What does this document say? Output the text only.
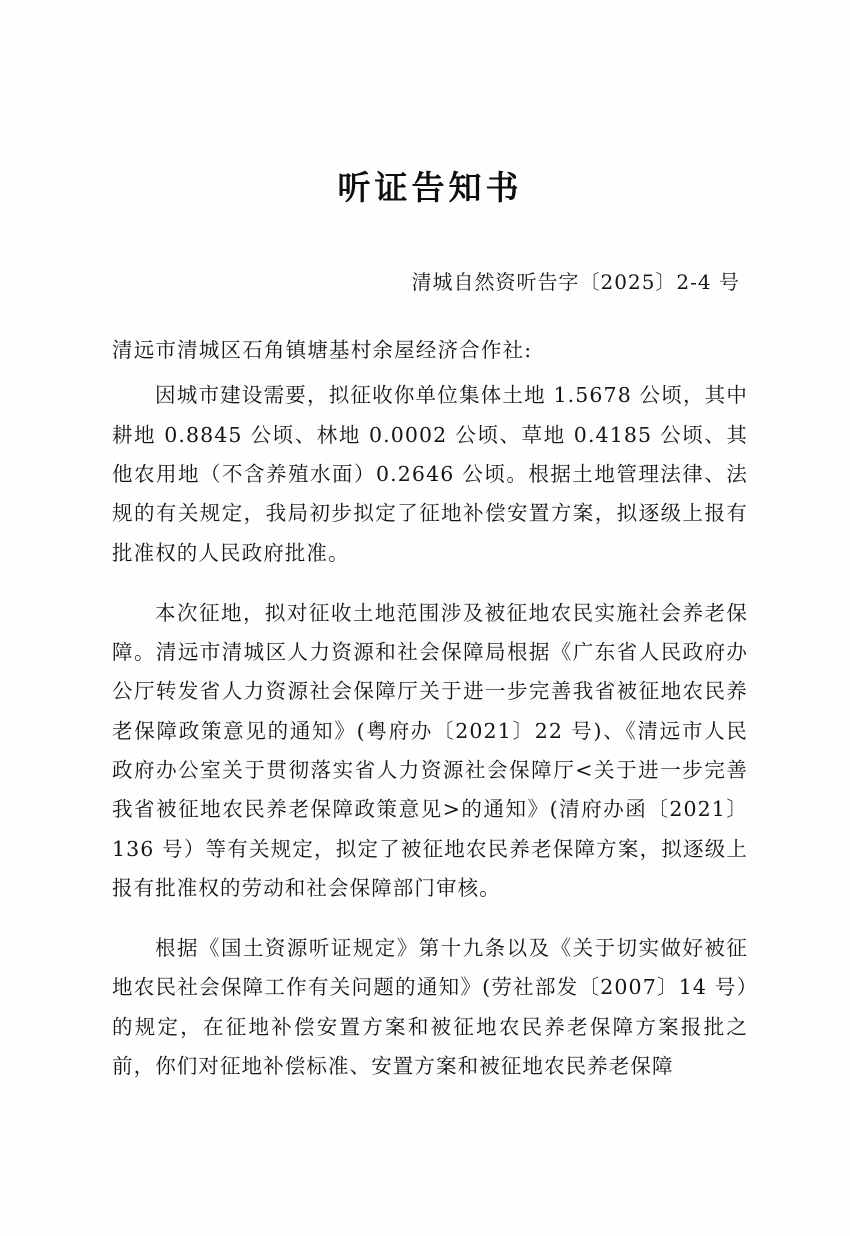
听证告知书
清城自然资听告字〔2025〕2-4 号
清远市清城区石角镇塘基村余屋经济合作社:

因城市建设需要，拟征收你单位集体土地 1.5678 公顷，其中耕地 0.8845 公顷、林地 0.0002 公顷、草地 0.4185 公顷、其他农用地（不含养殖水面）0.2646 公顷。根据土地管理法律、法规的有关规定，我局初步拟定了征地补偿安置方案，拟逐级上报有批准权的人民政府批准。

本次征地，拟对征收土地范围涉及被征地农民实施社会养老保障。清远市清城区人力资源和社会保障局根据《广东省人民政府办公厅转发省人力资源社会保障厅关于进一步完善我省被征地农民养老保障政策意见的通知》(粤府办〔2021〕22 号)、《清远市人民政府办公室关于贯彻落实省人力资源社会保障厅<关于进一步完善我省被征地农民养老保障政策意见>的通知》(清府办函〔2021〕136 号）等有关规定，拟定了被征地农民养老保障方案，拟逐级上报有批准权的劳动和社会保障部门审核。

根据《国土资源听证规定》第十九条以及《关于切实做好被征地农民社会保障工作有关问题的通知》(劳社部发〔2007〕14 号）的规定，在征地补偿安置方案和被征地农民养老保障方案报批之前，你们对征地补偿标准、安置方案和被征地农民养老保障
